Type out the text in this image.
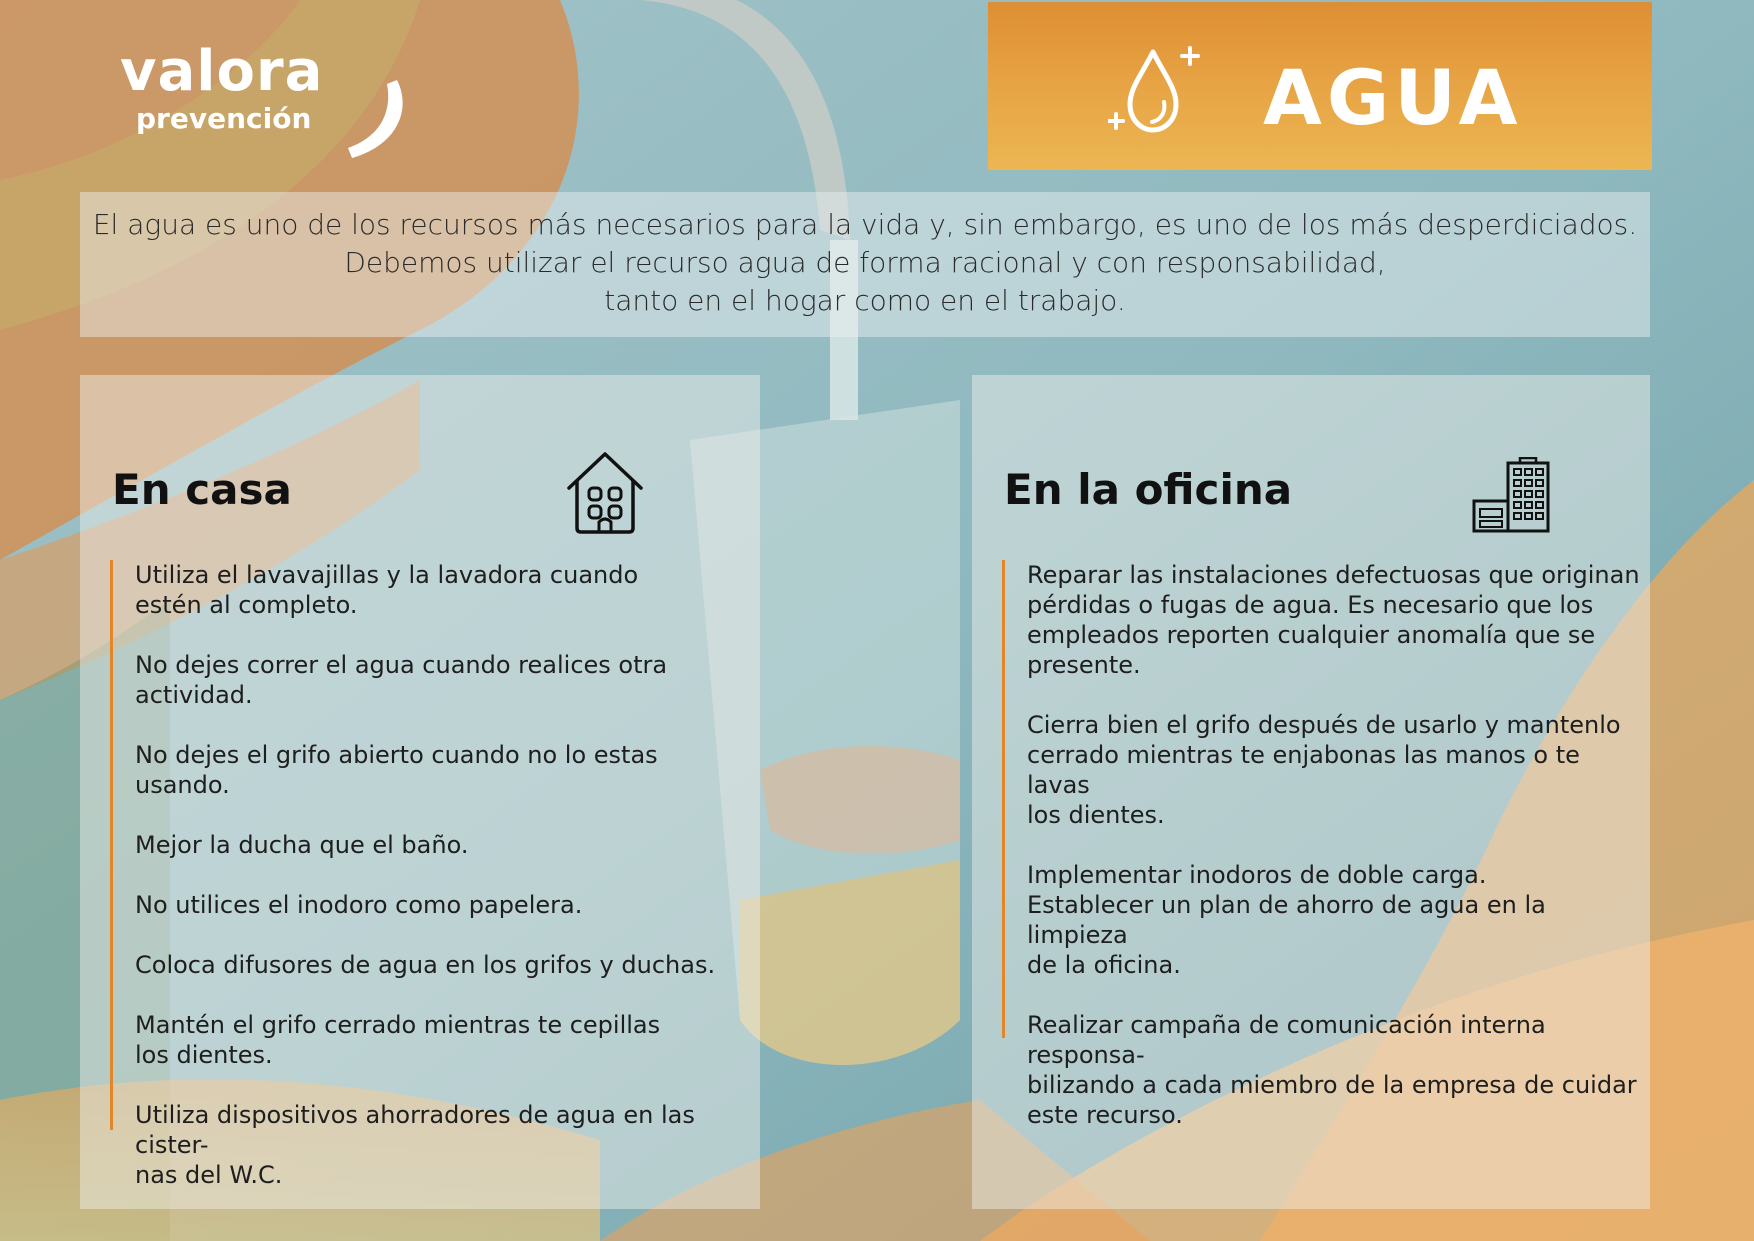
valora
prevención	AGUA
El agua es uno de los recursos más necesarios para la vida y, sin embargo, es uno de los más desperdiciados.
Debemos utilizar el recurso agua de forma racional y con responsabilidad,
tanto en el hogar como en el trabajo.
En casa

Utiliza el lavavajillas y la lavadora cuando
estén al completo.

No dejes correr el agua cuando realices otra
actividad.

No dejes el grifo abierto cuando no lo estas usando.

Mejor la ducha que el baño.

No utilices el inodoro como papelera.

Coloca difusores de agua en los grifos y duchas.

Mantén el grifo cerrado mientras te cepillas
los dientes.

Utiliza dispositivos ahorradores de agua en las cister-
nas del W.C.

En la oficina

Reparar las instalaciones defectuosas que originan
pérdidas o fugas de agua. Es necesario que los
empleados reporten cualquier anomalía que se
presente.

Cierra bien el grifo después de usarlo y mantenlo
cerrado mientras te enjabonas las manos o te lavas
los dientes.

Implementar inodoros de doble carga.
Establecer un plan de ahorro de agua en la limpieza
de la oficina.

Realizar campaña de comunicación interna responsa-
bilizando a cada miembro de la empresa de cuidar
este recurso.
